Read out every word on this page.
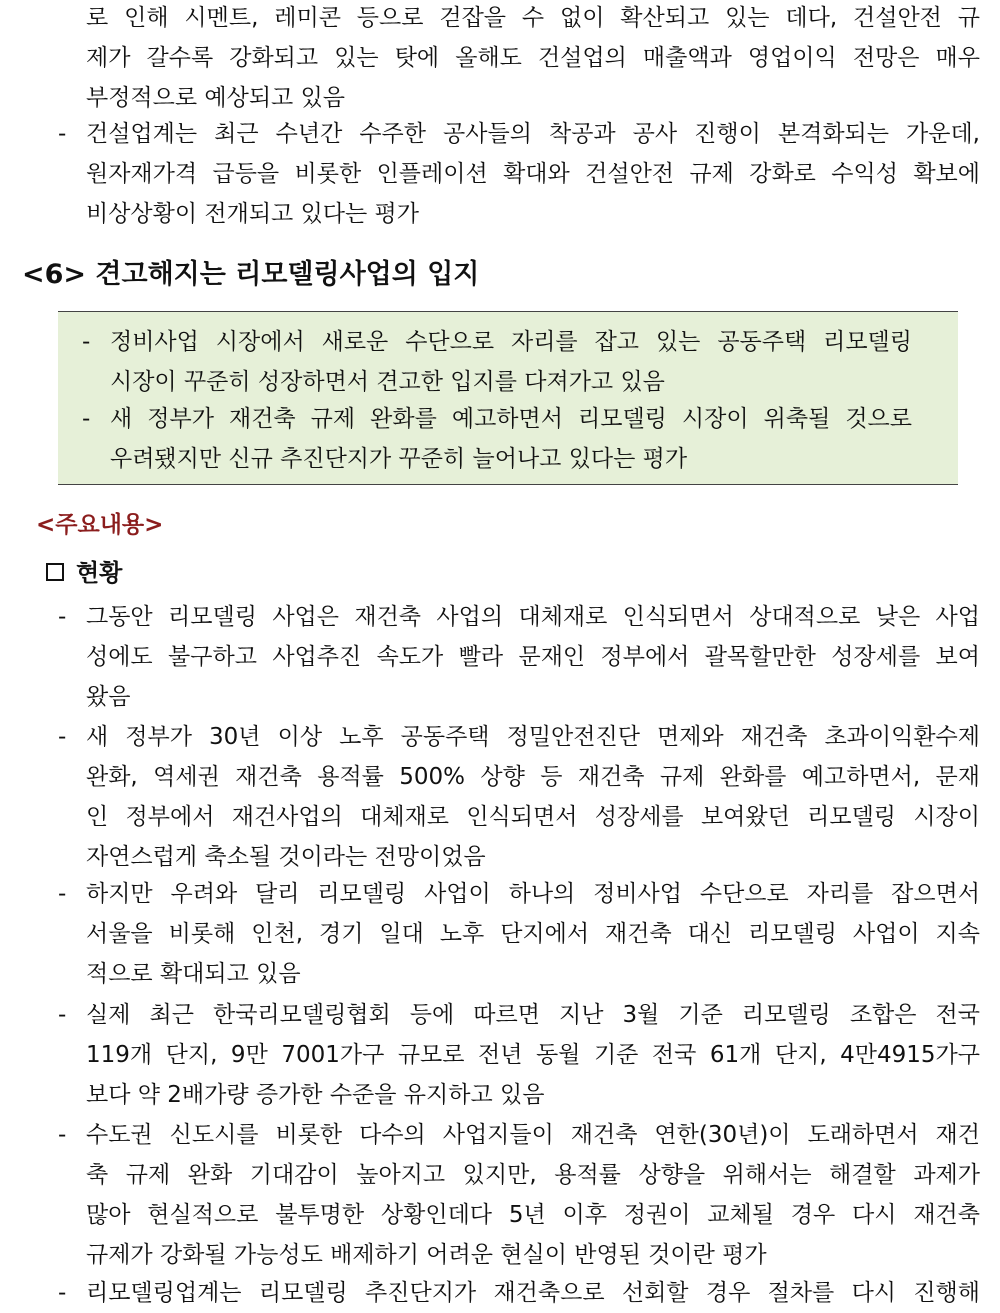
로 인해 시멘트, 레미콘 등으로 걷잡을 수 없이 확산되고 있는 데다, 건설안전 규
제가 갈수록 강화되고 있는 탓에 올해도 건설업의 매출액과 영업이익 전망은 매우
부정적으로 예상되고 있음
- 건설업계는 최근 수년간 수주한 공사들의 착공과 공사 진행이 본격화되는 가운데,
원자재가격 급등을 비롯한 인플레이션 확대와 건설안전 규제 강화로 수익성 확보에
비상상황이 전개되고 있다는 평가
<6> 견고해지는 리모델링사업의 입지
- 정비사업 시장에서 새로운 수단으로 자리를 잡고 있는 공동주택 리모델링
시장이 꾸준히 성장하면서 견고한 입지를 다져가고 있음
- 새 정부가 재건축 규제 완화를 예고하면서 리모델링 시장이 위축될 것으로
우려됐지만 신규 추진단지가 꾸준히 늘어나고 있다는 평가
<주요내용>
현황
- 그동안 리모델링 사업은 재건축 사업의 대체재로 인식되면서 상대적으로 낮은 사업
성에도 불구하고 사업추진 속도가 빨라 문재인 정부에서 괄목할만한 성장세를 보여
왔음
- 새 정부가 30년 이상 노후 공동주택 정밀안전진단 면제와 재건축 초과이익환수제
완화, 역세권 재건축 용적률 500% 상향 등 재건축 규제 완화를 예고하면서, 문재
인 정부에서 재건사업의 대체재로 인식되면서 성장세를 보여왔던 리모델링 시장이
자연스럽게 축소될 것이라는 전망이었음
- 하지만 우려와 달리 리모델링 사업이 하나의 정비사업 수단으로 자리를 잡으면서
서울을 비롯해 인천, 경기 일대 노후 단지에서 재건축 대신 리모델링 사업이 지속
적으로 확대되고 있음
- 실제 최근 한국리모델링협회 등에 따르면 지난 3월 기준 리모델링 조합은 전국
119개 단지, 9만 7001가구 규모로 전년 동월 기준 전국 61개 단지, 4만4915가구
보다 약 2배가량 증가한 수준을 유지하고 있음
- 수도권 신도시를 비롯한 다수의 사업지들이 재건축 연한(30년)이 도래하면서 재건
축 규제 완화 기대감이 높아지고 있지만, 용적률 상향을 위해서는 해결할 과제가
많아 현실적으로 불투명한 상황인데다 5년 이후 정권이 교체될 경우 다시 재건축
규제가 강화될 가능성도 배제하기 어려운 현실이 반영된 것이란 평가
- 리모델링업계는 리모델링 추진단지가 재건축으로 선회할 경우 절차를 다시 진행해
